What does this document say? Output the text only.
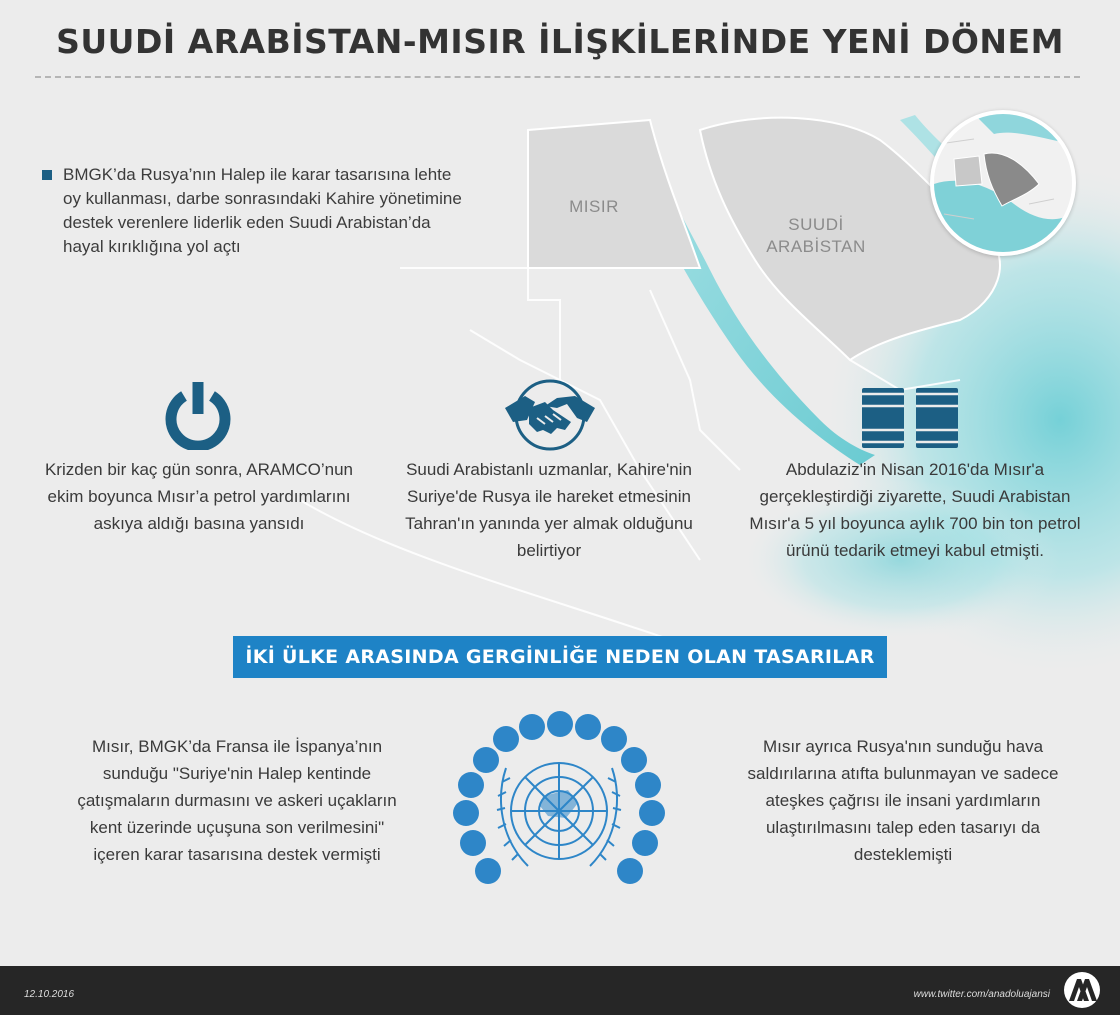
SUUDİ ARABİSTAN-MISIR İLİŞKİLERİNDE YENİ DÖNEM
BMGK’da Rusya’nın Halep ile karar tasarısına lehte oy kullanması, darbe sonrasındaki Kahire yönetimine destek verenlere liderlik eden Suudi Arabistan’da hayal kırıklığına yol açtı
MISIR
SUUDİ
ARABİSTAN
Krizden bir kaç gün sonra, ARAMCO’nun ekim boyunca Mısır’a petrol yardımlarını askıya aldığı basına yansıdı
Suudi Arabistanlı uzmanlar, Kahire'nin Suriye'de Rusya ile hareket etmesinin Tahran'ın yanında yer almak olduğunu belirtiyor
Abdulaziz'in Nisan 2016'da Mısır'a gerçekleştirdiği ziyarette, Suudi Arabistan Mısır'a 5 yıl boyunca aylık 700 bin ton petrol ürünü tedarik etmeyi kabul etmişti.
İKİ ÜLKE ARASINDA GERGİNLİĞE NEDEN OLAN TASARILAR
Mısır, BMGK’da Fransa ile İspanya’nın sunduğu "Suriye'nin Halep kentinde çatışmaların durmasını ve askeri uçakların kent üzerinde uçuşuna son verilmesini" içeren karar tasarısına destek vermişti
Mısır ayrıca Rusya'nın sunduğu hava saldırılarına atıfta bulunmayan ve sadece ateşkes çağrısı ile insani yardımların ulaştırılmasını talep eden tasarıyı da desteklemişti
12.10.2016	www.twitter.com/anadoluajansi
